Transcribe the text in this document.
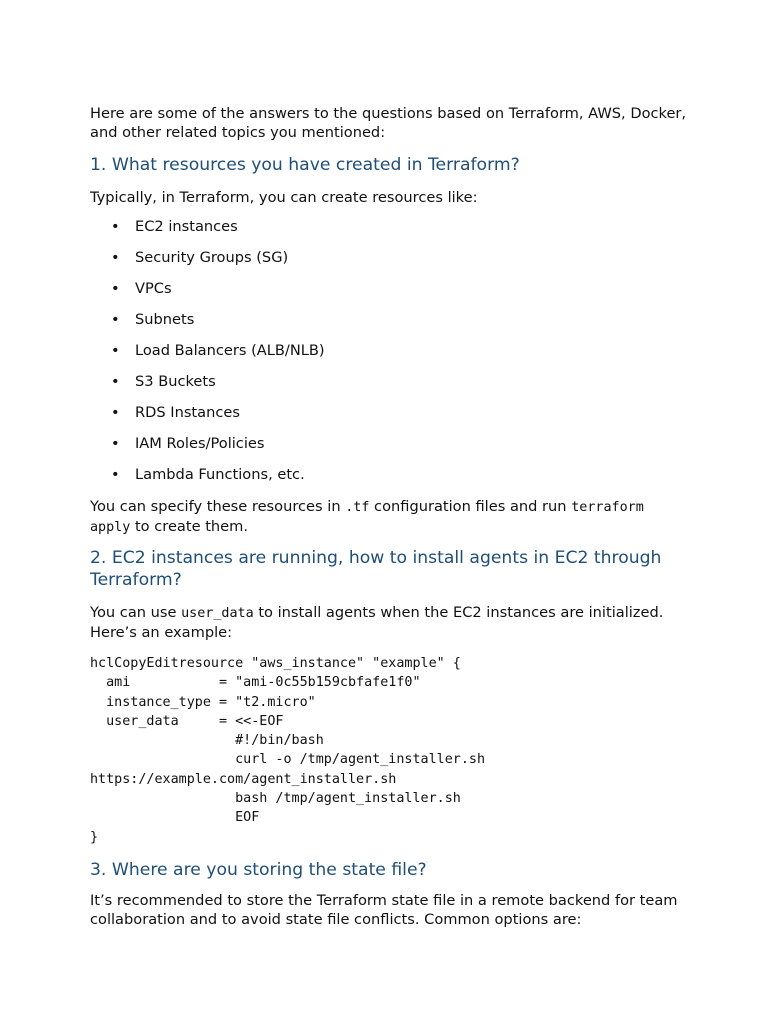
Here are some of the answers to the questions based on Terraform, AWS, Docker, and other related topics you mentioned:

1. What resources you have created in Terraform?

Typically, in Terraform, you can create resources like:

• EC2 instances
• Security Groups (SG)
• VPCs
• Subnets
• Load Balancers (ALB/NLB)
• S3 Buckets
• RDS Instances
• IAM Roles/Policies
• Lambda Functions, etc.

You can specify these resources in .tf configuration files and run terraform apply to create them.

2. EC2 instances are running, how to install agents in EC2 through Terraform?

You can use user_data to install agents when the EC2 instances are initialized. Here’s an example:

hclCopyEditresource "aws_instance" "example" {
ami           = "ami-0c55b159cbfafe1f0"
instance_type = "t2.micro"
user_data     = <<-EOF
#!/bin/bash
curl -o /tmp/agent_installer.sh
https://example.com/agent_installer.sh
bash /tmp/agent_installer.sh
EOF
}
3. Where are you storing the state file?

It’s recommended to store the Terraform state file in a remote backend for team collaboration and to avoid state file conflicts. Common options are:
